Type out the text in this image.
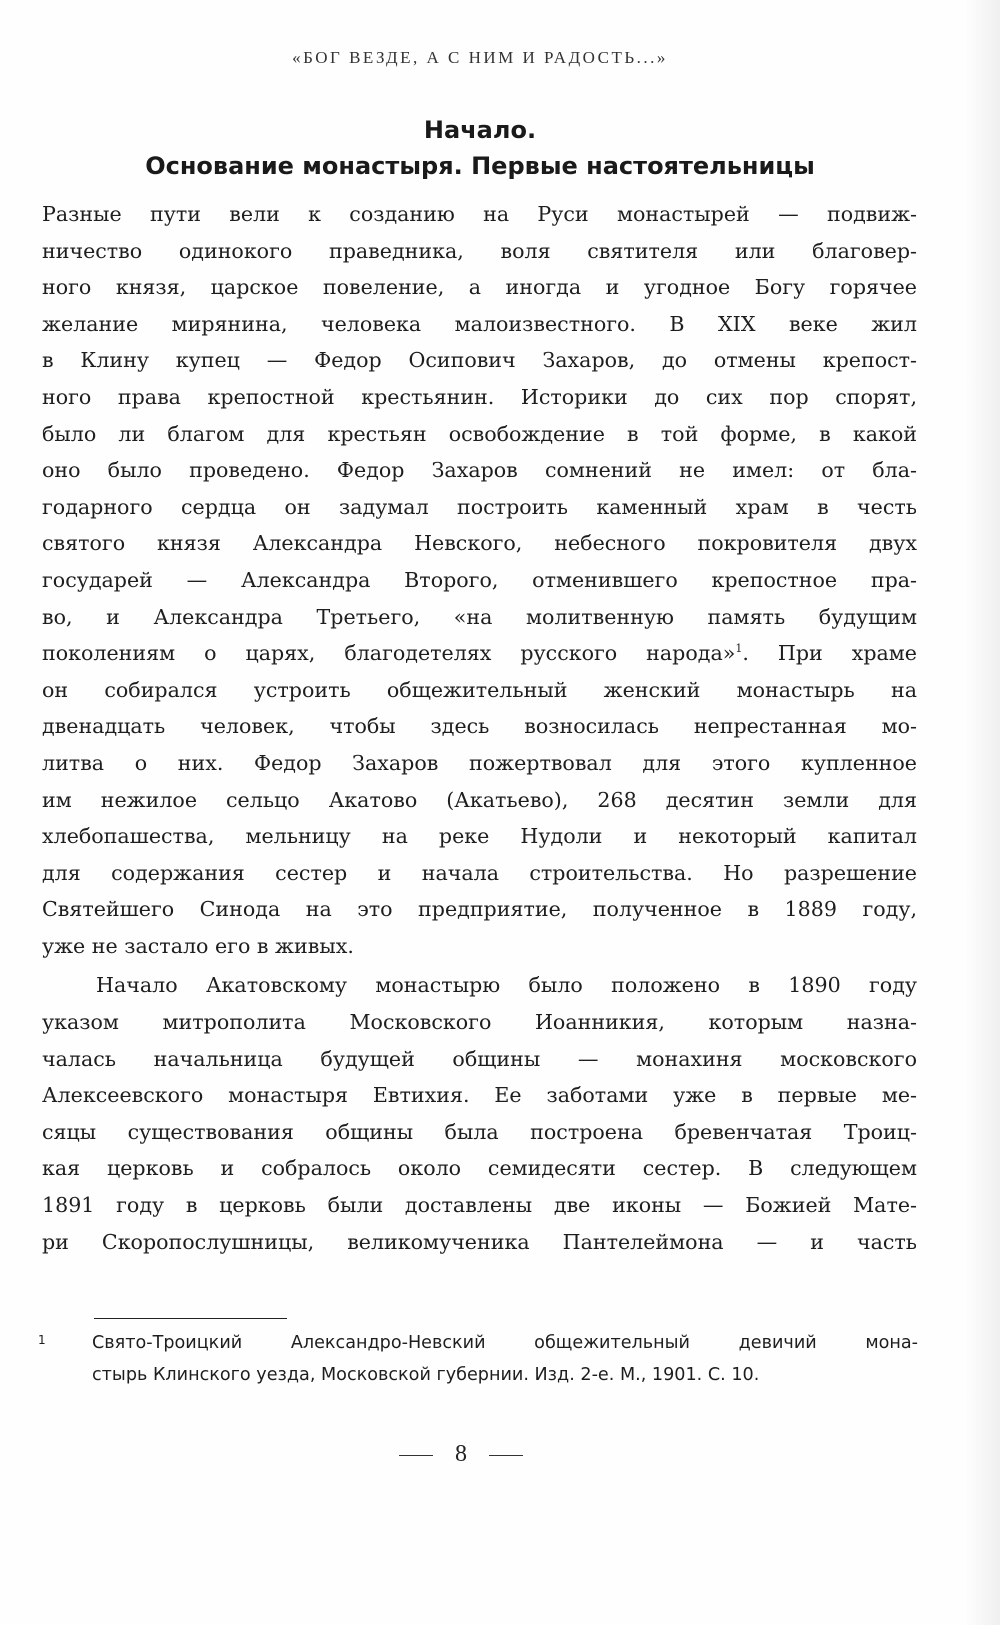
«БОГ ВЕЗДЕ, А С НИМ И РАДОСТЬ...»
Начало.
Основание монастыря. Первые настоятельницы
Разные пути вели к созданию на Руси монастырей — подвиж-
ничество одинокого праведника, воля святителя или благовер-
ного князя, царское повеление, а иногда и угодное Богу горячее
желание мирянина, человека малоизвестного. В XIX веке жил
в Клину купец — Федор Осипович Захаров, до отмены крепост-
ного права крепостной крестьянин. Историки до сих пор спорят,
было ли благом для крестьян освобождение в той форме, в какой
оно было проведено. Федор Захаров сомнений не имел: от бла-
годарного сердца он задумал построить каменный храм в честь
святого князя Александра Невского, небесного покровителя двух
государей — Александра Второго, отменившего крепостное пра-
во, и Александра Третьего, «на молитвенную память будущим
поколениям о царях, благодетелях русского народа»$^1$. При храме
он собирался устроить общежительный женский монастырь на
двенадцать человек, чтобы здесь возносилась непрестанная мо-
литва о них. Федор Захаров пожертвовал для этого купленное
им нежилое сельцо Акатово (Акатьево), 268 десятин земли для
хлебопашества, мельницу на реке Нудоли и некоторый капитал
для содержания сестер и начала строительства. Но разрешение
Святейшего Синода на это предприятие, полученное в 1889 году,
уже не застало его в живых.
Начало Акатовскому монастырю было положено в 1890 году
указом митрополита Московского Иоанникия, которым назна-
чалась начальница будущей общины — монахиня московского
Алексеевского монастыря Евтихия. Ее заботами уже в первые ме-
сяцы существования общины была построена бревенчатая Троиц-
кая церковь и собралось около семидесяти сестер. В следующем
1891 году в церковь были доставлены две иконы — Божией Мате-
ри Скоропослушницы, великомученика Пантелеймона — и часть
1	Свято-Троицкий Александро-Невский общежительный девичий мона-
стырь Клинского уезда, Московской губернии. Изд. 2-е. М., 1901. С. 10.
8
